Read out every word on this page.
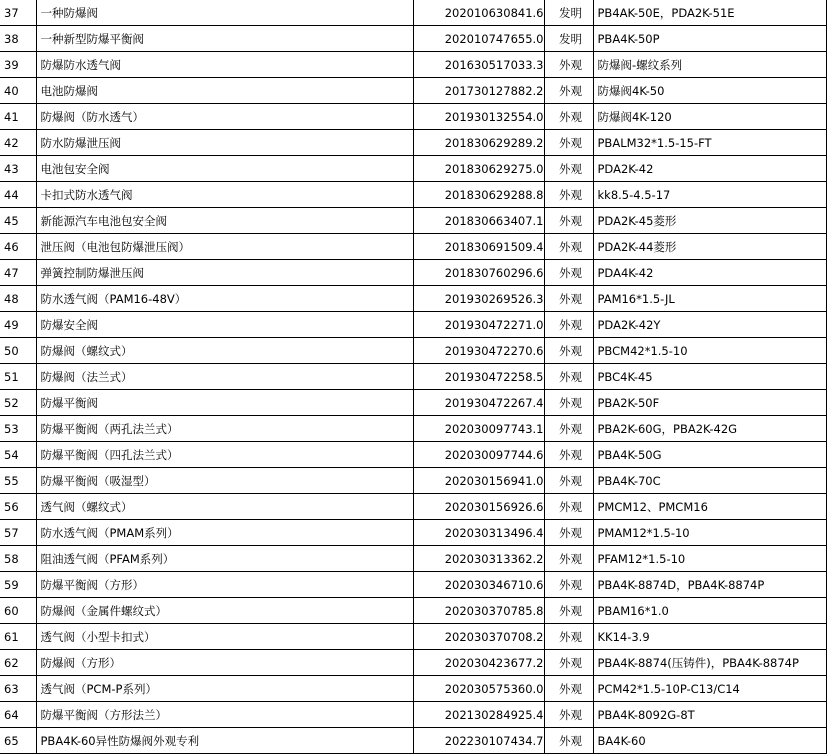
37	一种防爆阀	202010630841.6	发明	PB4AK-50E，PDA2K-51E
38	一种新型防爆平衡阀	202010747655.0	发明	PBA4K-50P
39	防爆防水透气阀	201630517033.3	外观	防爆阀-螺纹系列
40	电池防爆阀	201730127882.2	外观	防爆阀4K-50
41	防爆阀（防水透气）	201930132554.0	外观	防爆阀4K-120
42	防水防爆泄压阀	201830629289.2	外观	PBALM32*1.5-15-FT
43	电池包安全阀	201830629275.0	外观	PDA2K-42
44	卡扣式防水透气阀	201830629288.8	外观	kk8.5-4.5-17
45	新能源汽车电池包安全阀	201830663407.1	外观	PDA2K-45菱形
46	泄压阀（电池包防爆泄压阀）	201830691509.4	外观	PDA2K-44菱形
47	弹簧控制防爆泄压阀	201830760296.6	外观	PDA4K-42
48	防水透气阀（PAM16-48V）	201930269526.3	外观	PAM16*1.5-JL
49	防爆安全阀	201930472271.0	外观	PDA2K-42Y
50	防爆阀（螺纹式）	201930472270.6	外观	PBCM42*1.5-10
51	防爆阀（法兰式）	201930472258.5	外观	PBC4K-45
52	防爆平衡阀	201930472267.4	外观	PBA2K-50F
53	防爆平衡阀（两孔法兰式）	202030097743.1	外观	PBA2K-60G，PBA2K-42G
54	防爆平衡阀（四孔法兰式）	202030097744.6	外观	PBA4K-50G
55	防爆平衡阀（吸湿型）	202030156941.0	外观	PBA4K-70C
56	透气阀（螺纹式）	202030156926.6	外观	PMCM12、PMCM16
57	防水透气阀（PMAM系列）	202030313496.4	外观	PMAM12*1.5-10
58	阻油透气阀（PFAM系列）	202030313362.2	外观	PFAM12*1.5-10
59	防爆平衡阀（方形）	202030346710.6	外观	PBA4K-8874D，PBA4K-8874P
60	防爆阀（金属件螺纹式）	202030370785.8	外观	PBAM16*1.0
61	透气阀（小型卡扣式）	202030370708.2	外观	KK14-3.9
62	防爆阀（方形）	202030423677.2	外观	PBA4K-8874(压铸件)，PBA4K-8874P
63	透气阀（PCM-P系列）	202030575360.0	外观	PCM42*1.5-10P-C13/C14
64	防爆平衡阀（方形法兰）	202130284925.4	外观	PBA4K-8092G-8T
65	PBA4K-60异性防爆阀外观专利	202230107434.7	外观	BA4K-60
